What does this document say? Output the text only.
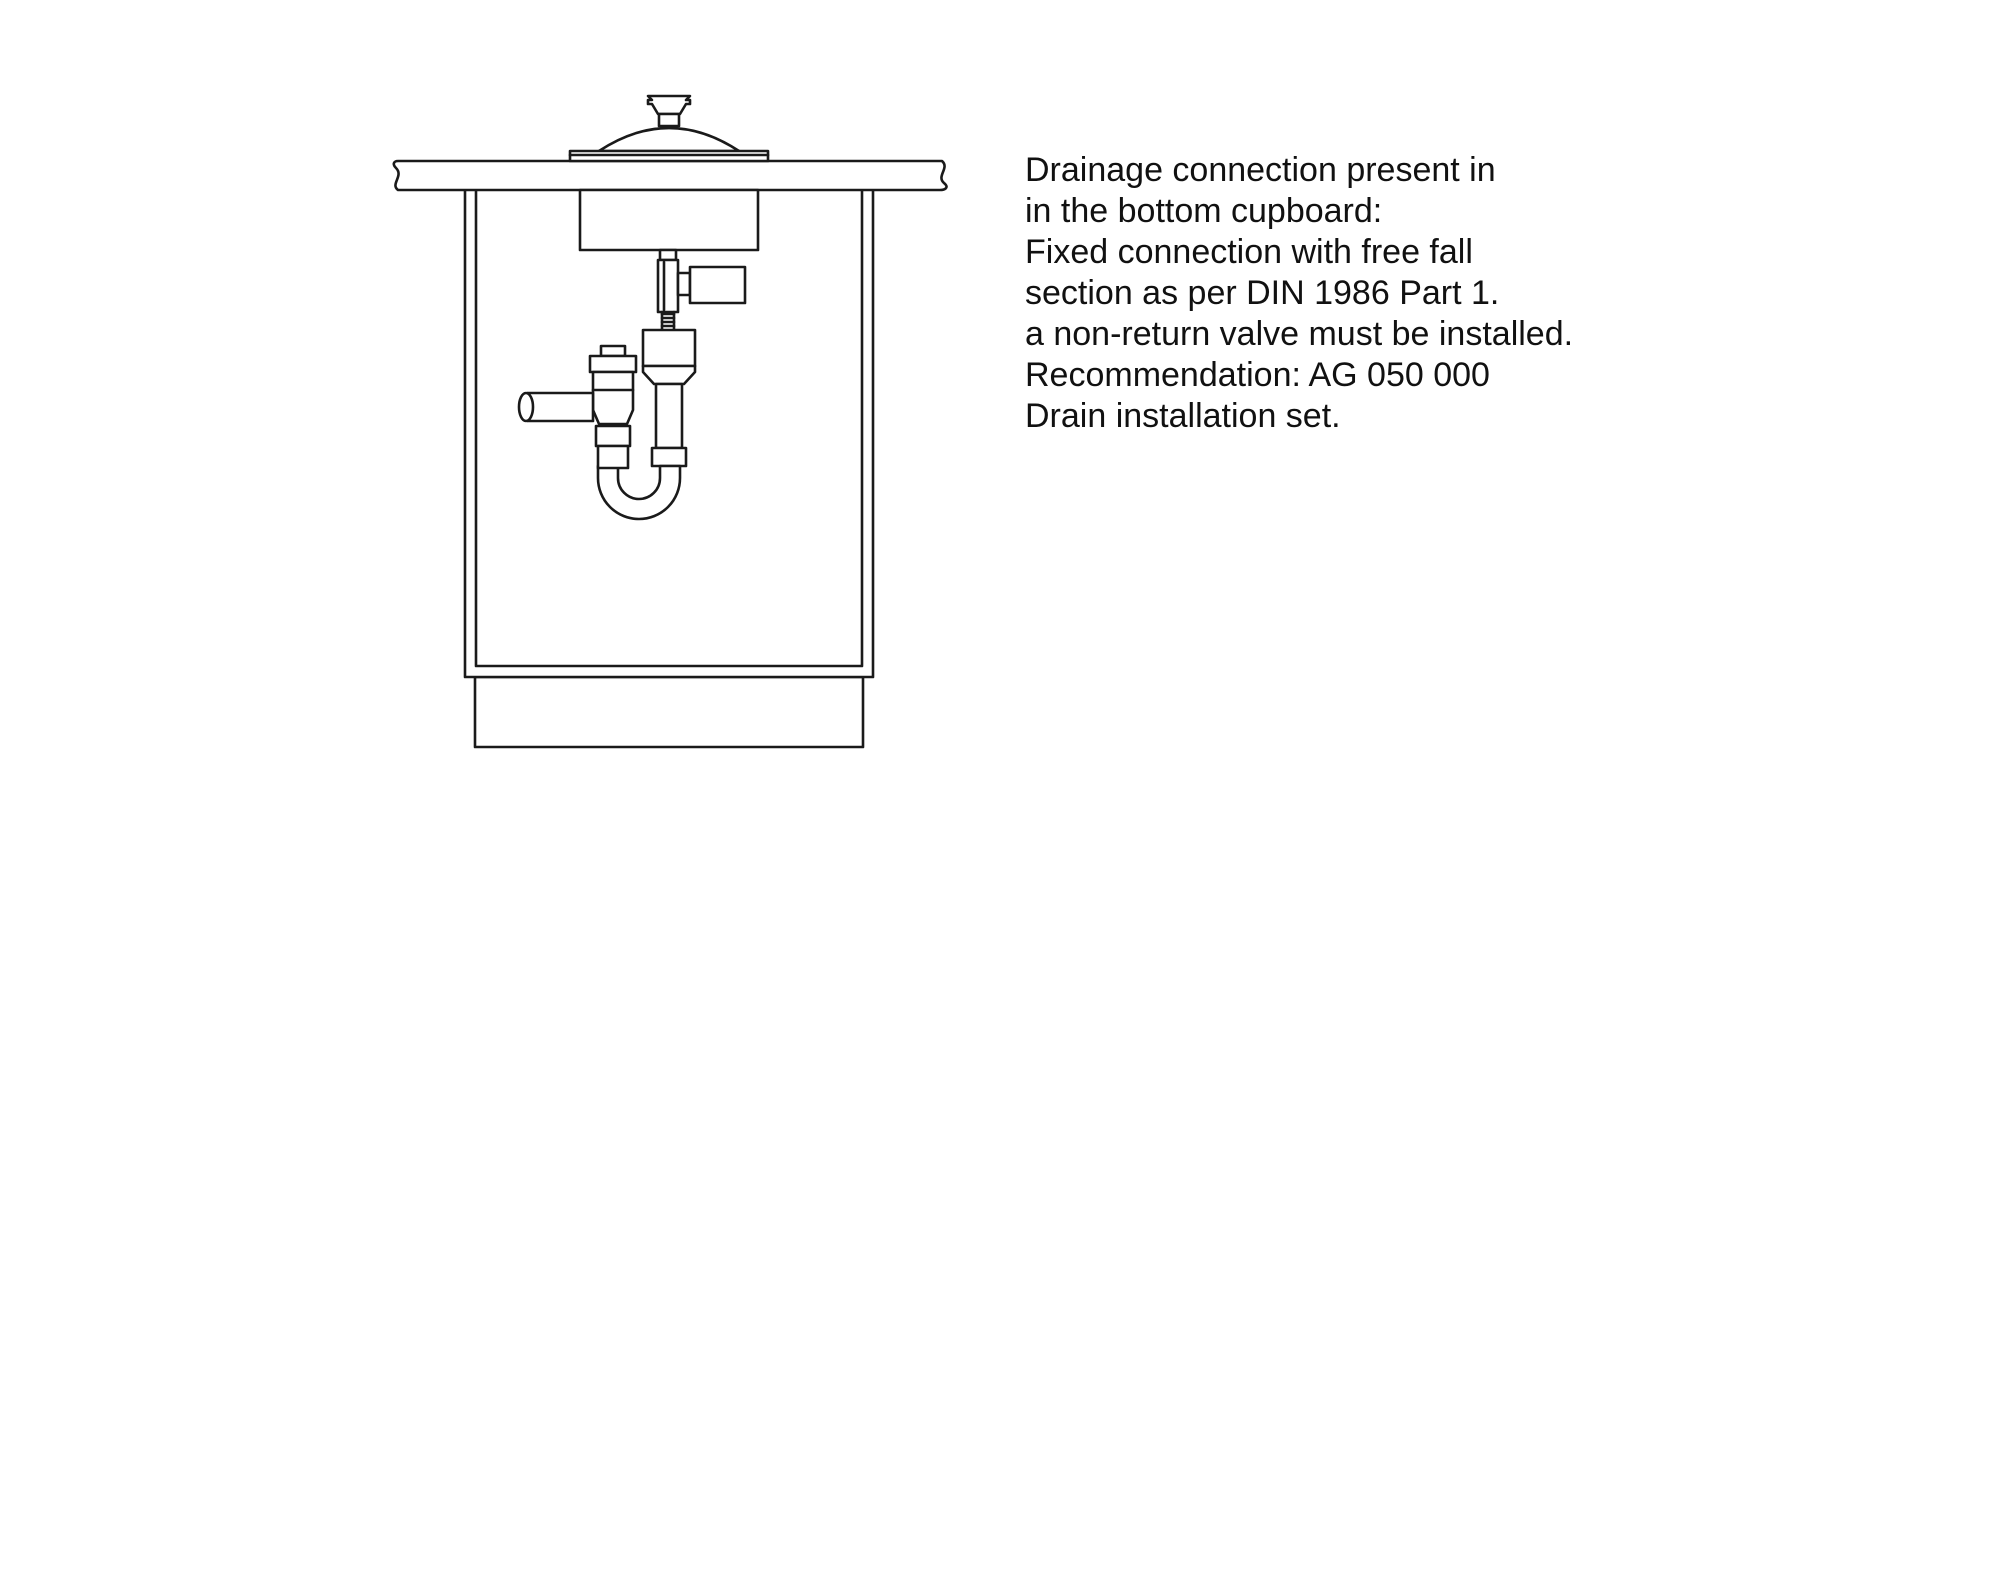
Drainage connection present in
in the bottom cupboard:
Fixed connection with free fall
section as per DIN 1986 Part 1.
a non-return valve must be installed.
Recommendation: AG 050 000
Drain installation set.
